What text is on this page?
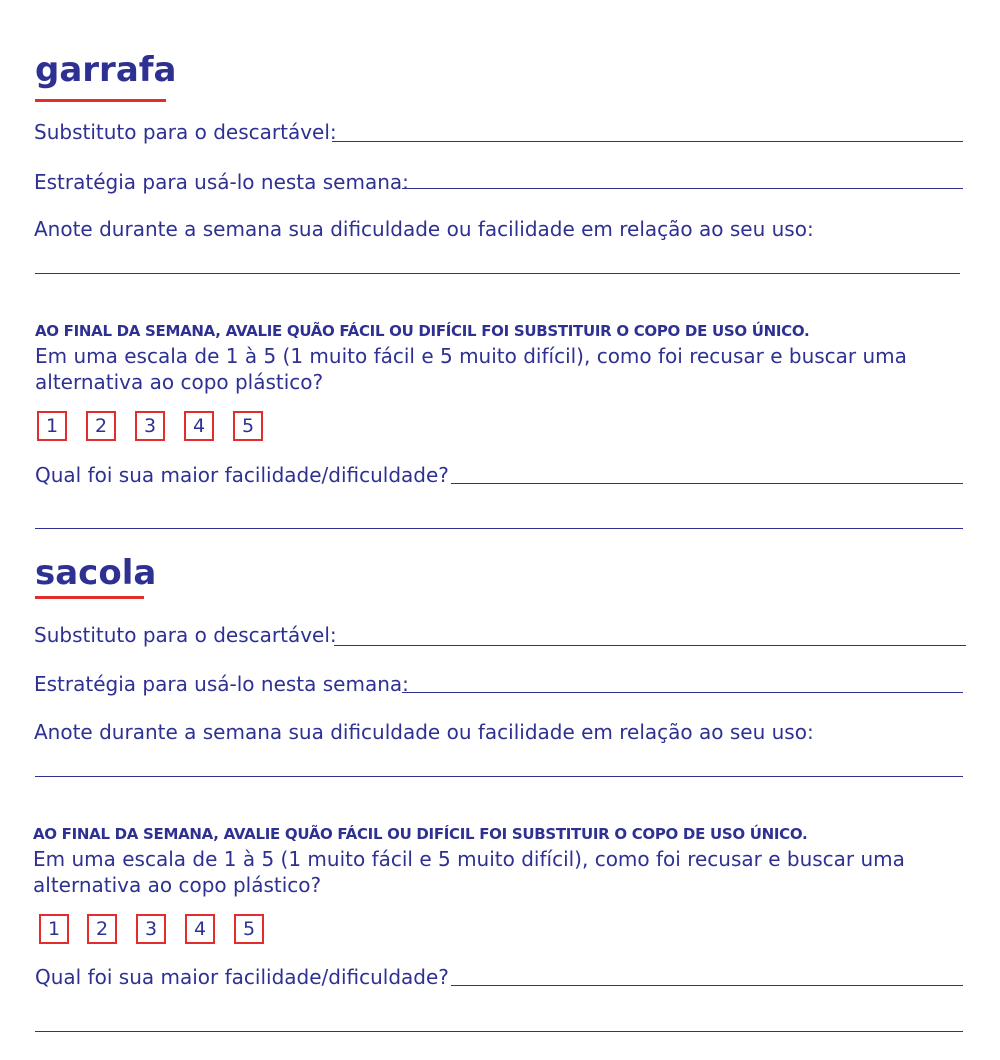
garrafa
Substituto para o descartável:
Estratégia para usá-lo nesta semana:
Anote durante a semana sua dificuldade ou facilidade em relação ao seu uso:
AO FINAL DA SEMANA, AVALIE QUÃO FÁCIL OU DIFÍCIL FOI SUBSTITUIR O COPO DE USO ÚNICO.
Em uma escala de 1 à 5 (1 muito fácil e 5 muito difícil), como foi recusar e buscar uma alternativa ao copo plástico?
1	2	3	4	5
Qual foi sua maior facilidade/dificuldade?
sacola
Substituto para o descartável:
Estratégia para usá-lo nesta semana:
Anote durante a semana sua dificuldade ou facilidade em relação ao seu uso:
AO FINAL DA SEMANA, AVALIE QUÃO FÁCIL OU DIFÍCIL FOI SUBSTITUIR O COPO DE USO ÚNICO.
Em uma escala de 1 à 5 (1 muito fácil e 5 muito difícil), como foi recusar e buscar uma alternativa ao copo plástico?
1	2	3	4	5
Qual foi sua maior facilidade/dificuldade?
